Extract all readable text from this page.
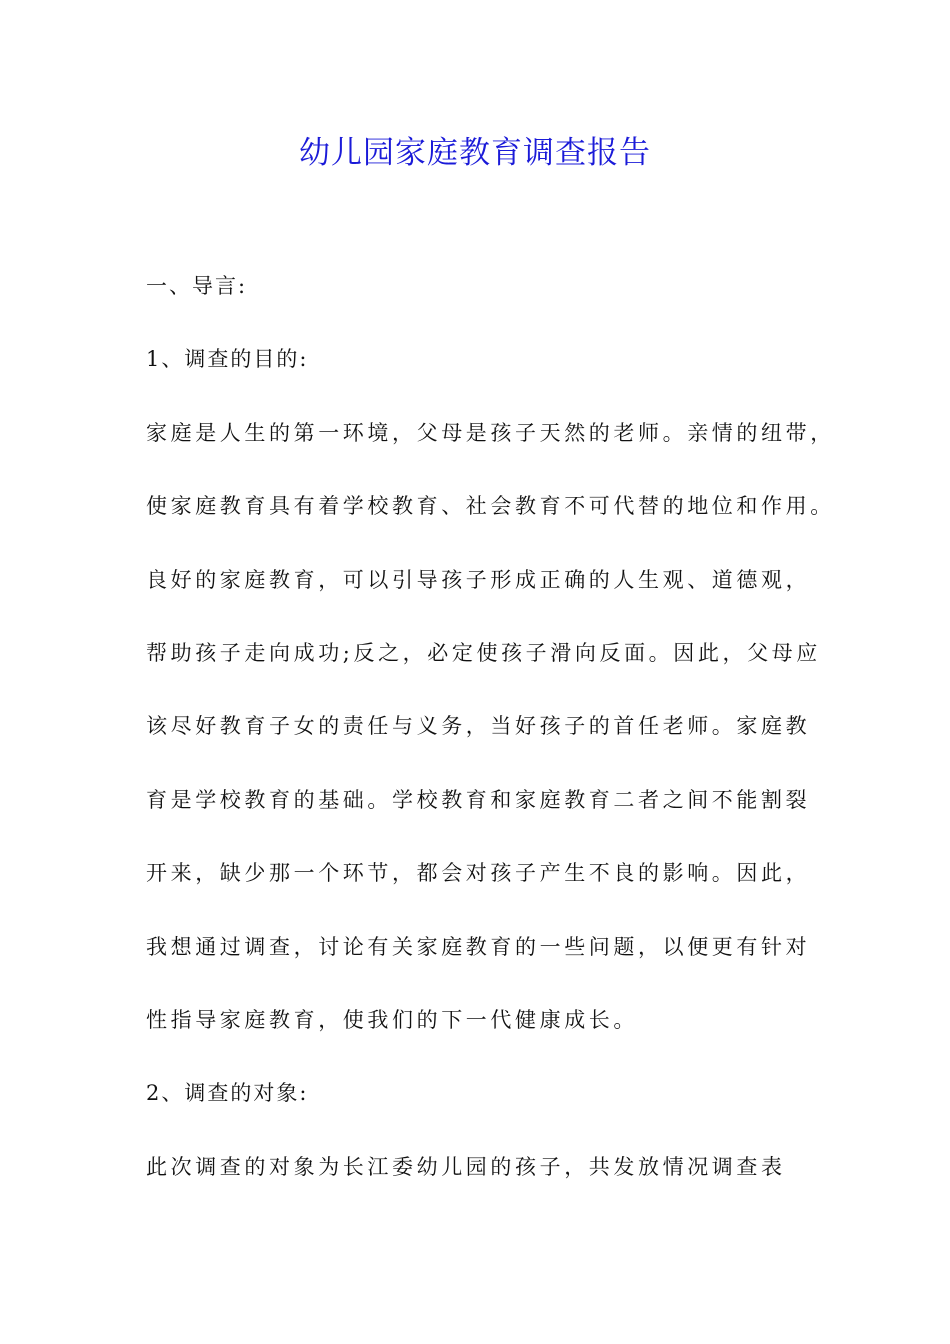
幼儿园家庭教育调查报告
一、导言:
1、调查的目的:
家庭是人生的第一环境，父母是孩子天然的老师。亲情的纽带，
使家庭教育具有着学校教育、社会教育不可代替的地位和作用。
良好的家庭教育，可以引导孩子形成正确的人生观、道德观，
帮助孩子走向成功;反之，必定使孩子滑向反面。因此，父母应
该尽好教育子女的责任与义务，当好孩子的首任老师。家庭教
育是学校教育的基础。学校教育和家庭教育二者之间不能割裂
开来，缺少那一个环节，都会对孩子产生不良的影响。因此，
我想通过调查，讨论有关家庭教育的一些问题，以便更有针对
性指导家庭教育，使我们的下一代健康成长。
2、调查的对象:
此次调查的对象为长江委幼儿园的孩子，共发放情况调查表
